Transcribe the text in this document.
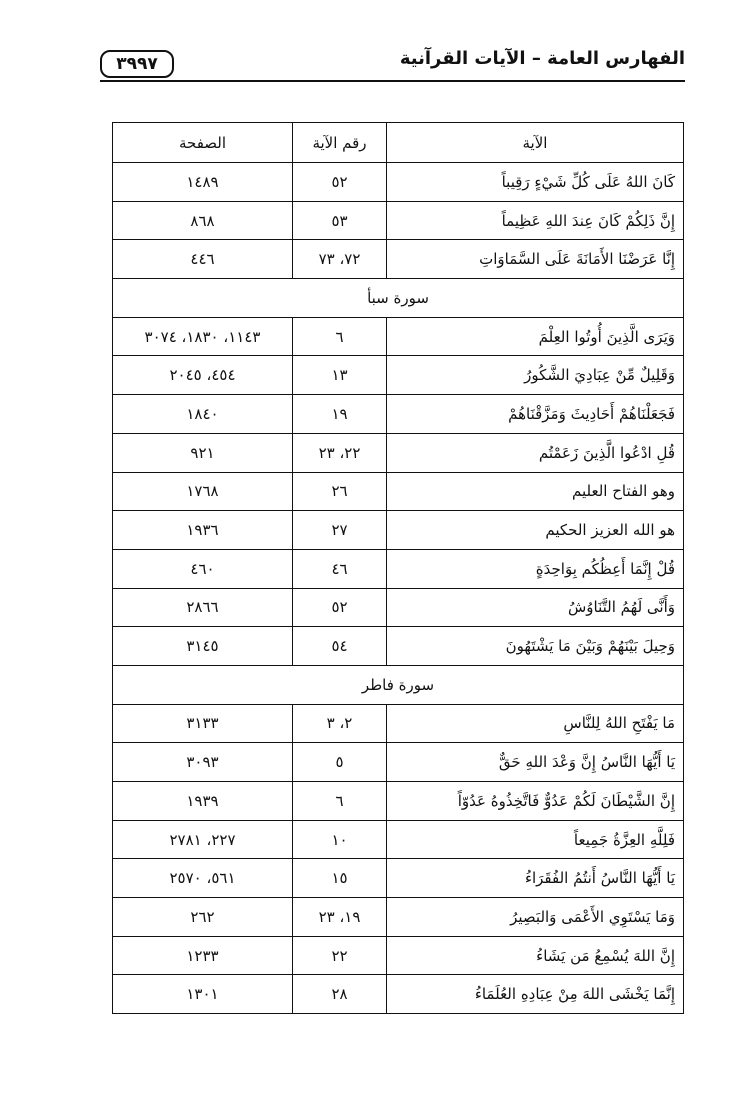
الفهارس العامة – الآيات القرآنية
٣٩٩٧
الآية	رقم الآية	الصفحة
كَانَ اللهُ عَلَى كُلِّ شَيْءٍ رَقِيباً	٥٢	١٤٨٩
إِنَّ ذَلِكُمْ كَانَ عِندَ اللهِ عَظِيماً	٥٣	٨٦٨
إِنَّا عَرَضْنَا الأَمَانَةَ عَلَى السَّمَاوَاتِ	٧٢، ٧٣	٤٤٦
سورة سبأ		
وَيَرَى الَّذِينَ أُوتُوا العِلْمَ	٦	١١٤٣، ١٨٣٠، ٣٠٧٤
وَقَلِيلٌ مِّنْ عِبَادِيَ الشَّكُورُ	١٣	٤٥٤، ٢٠٤٥
فَجَعَلْنَاهُمْ أَحَادِيثَ وَمَزَّقْنَاهُمْ	١٩	١٨٤٠
قُلِ ادْعُوا الَّذِينَ زَعَمْتُم	٢٢، ٢٣	٩٢١
وهو الفتاح العليم	٢٦	١٧٦٨
هو الله العزيز الحكيم	٢٧	١٩٣٦
قُلْ إِنَّمَا أَعِظُكُم بِوَاحِدَةٍ	٤٦	٤٦٠
وَأَنَّى لَهُمُ التَّنَاوُشُ	٥٢	٢٨٦٦
وَحِيلَ بَيْنَهُمْ وَبَيْنَ مَا يَشْتَهُونَ	٥٤	٣١٤٥
سورة فاطر		
مَا يَفْتَحِ اللهُ لِلنَّاسِ	٢، ٣	٣١٣٣
يَا أَيُّهَا النَّاسُ إِنَّ وَعْدَ اللهِ حَقٌّ	٥	٣٠٩٣
إِنَّ الشَّيْطَانَ لَكُمْ عَدُوٌّ فَاتَّخِذُوهُ عَدُوّاً	٦	١٩٣٩
فَلِلَّهِ العِزَّةُ جَمِيعاً	١٠	٢٢٧، ٢٧٨١
يَا أَيُّهَا النَّاسُ أَنتُمُ الفُقَرَاءُ	١٥	٥٦١، ٢٥٧٠
وَمَا يَسْتَوِي الأَعْمَى وَالبَصِيرُ	١٩، ٢٣	٢٦٢
إِنَّ اللهَ يُسْمِعُ مَن يَشَاءُ	٢٢	١٢٣٣
إِنَّمَا يَخْشَى اللهَ مِنْ عِبَادِهِ العُلَمَاءُ	٢٨	١٣٠١
